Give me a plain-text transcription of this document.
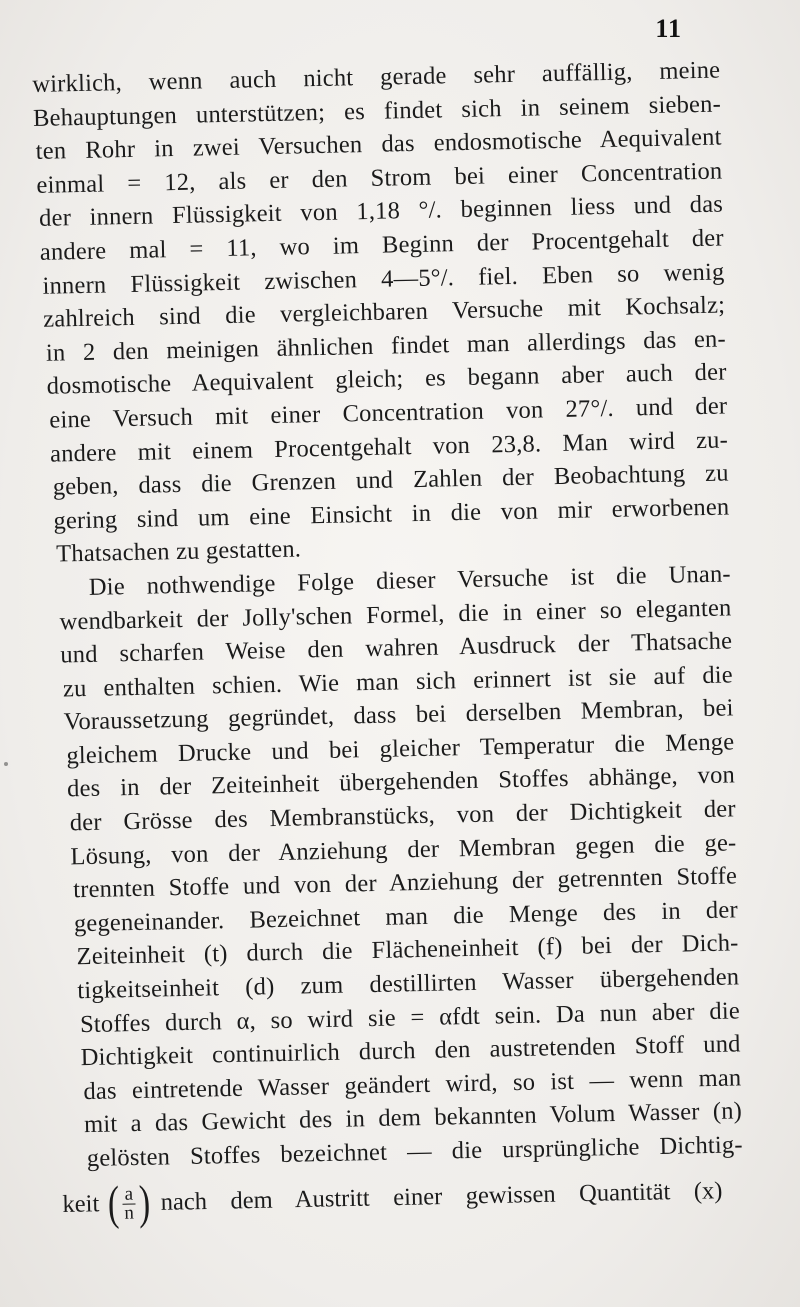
11
wirklich, wenn auch nicht gerade sehr auffällig, meine
Behauptungen unterstützen; es findet sich in seinem sieben-
ten Rohr in zwei Versuchen das endosmotische Aequivalent
einmal = 12, als er den Strom bei einer Concentration
der innern Flüssigkeit von 1,18 °/. beginnen liess und das
andere mal = 11, wo im Beginn der Procentgehalt der
innern Flüssigkeit zwischen 4—5°/. fiel. Eben so wenig
zahlreich sind die vergleichbaren Versuche mit Kochsalz;
in 2 den meinigen ähnlichen findet man allerdings das en-
dosmotische Aequivalent gleich; es begann aber auch der
eine Versuch mit einer Concentration von 27°/. und der
andere mit einem Procentgehalt von 23,8. Man wird zu-
geben, dass die Grenzen und Zahlen der Beobachtung zu
gering sind um eine Einsicht in die von mir erworbenen
Thatsachen zu gestatten.
Die nothwendige Folge dieser Versuche ist die Unan-
wendbarkeit der Jolly'schen Formel, die in einer so eleganten
und scharfen Weise den wahren Ausdruck der Thatsache
zu enthalten schien. Wie man sich erinnert ist sie auf die
Voraussetzung gegründet, dass bei derselben Membran, bei
gleichem Drucke und bei gleicher Temperatur die Menge
des in der Zeiteinheit übergehenden Stoffes abhänge, von
der Grösse des Membranstücks, von der Dichtigkeit der
Lösung, von der Anziehung der Membran gegen die ge-
trennten Stoffe und von der Anziehung der getrennten Stoffe
gegeneinander. Bezeichnet man die Menge des in der
Zeiteinheit (t) durch die Flächeneinheit (f) bei der Dich-
tigkeitseinheit (d) zum destillirten Wasser übergehenden
Stoffes durch α, so wird sie = αfdt sein. Da nun aber die
Dichtigkeit continuirlich durch den austretenden Stoff und
das eintretende Wasser geändert wird, so ist — wenn man
mit a das Gewicht des in dem bekannten Volum Wasser (n)
gelösten Stoffes bezeichnet — die ursprüngliche Dichtig-
keit ( $\frac{a}{n}$ ) nach dem Austritt einer gewissen Quantität (x)
